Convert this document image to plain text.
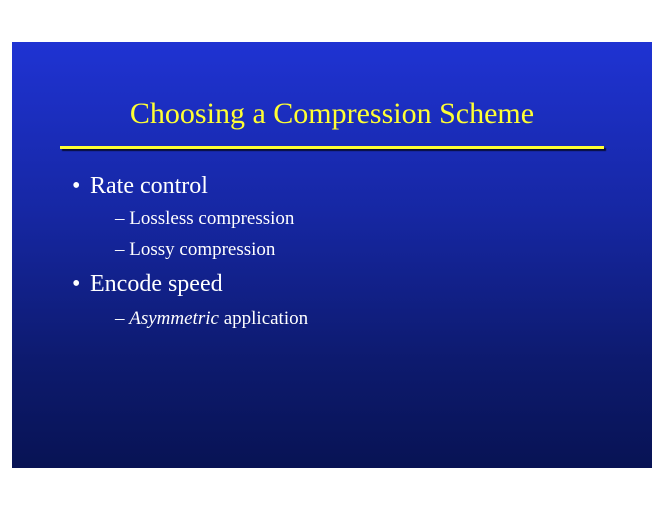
Choosing a Compression Scheme
• Rate control
– Lossless compression
– Lossy compression
• Encode speed
– Asymmetric application
